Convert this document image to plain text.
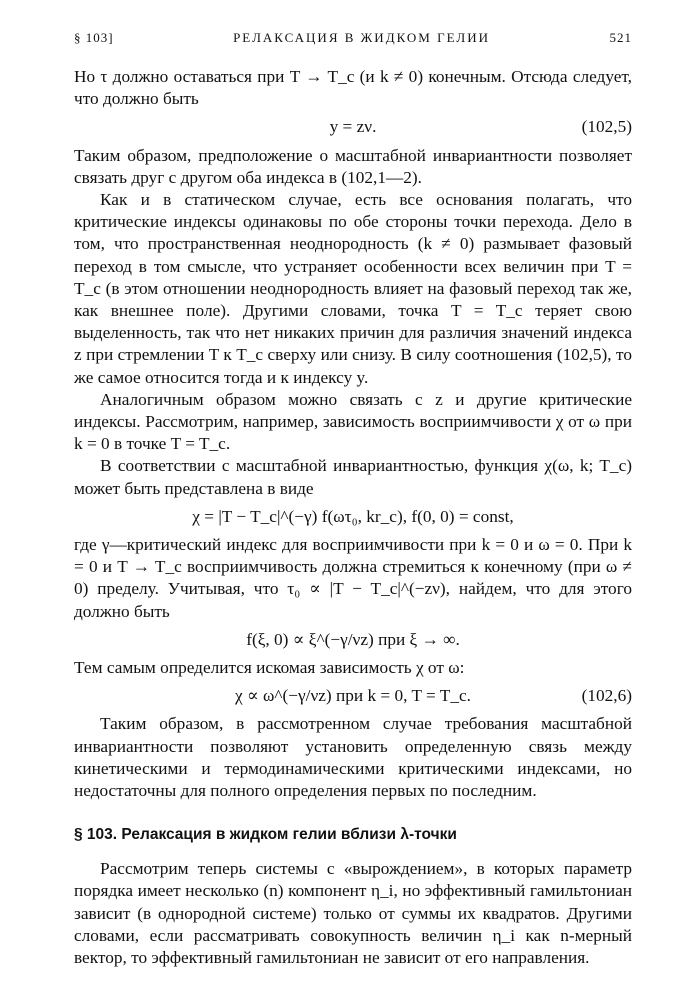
§ 103]	РЕЛАКСАЦИЯ В ЖИДКОМ ГЕЛИИ	521

Но τ должно оставаться при T → T_c (и k ≠ 0) конечным. Отсюда следует, что должно быть

y = zν.	(102,5)

Таким образом, предположение о масштабной инвариантности позволяет связать друг с другом оба индекса в (102,1—2).

Как и в статическом случае, есть все основания полагать, что критические индексы одинаковы по обе стороны точки перехода. Дело в том, что пространственная неоднородность (k ≠ 0) размывает фазовый переход в том смысле, что устраняет особенности всех величин при T = T_c (в этом отношении неоднородность влияет на фазовый переход так же, как внешнее поле). Другими словами, точка T = T_c теряет свою выделенность, так что нет никаких причин для различия значений индекса z при стремлении T к T_c сверху или снизу. В силу соотношения (102,5), то же самое относится тогда и к индексу y.

Аналогичным образом можно связать с z и другие критические индексы. Рассмотрим, например, зависимость восприимчивости χ от ω при k = 0 в точке T = T_c.

В соответствии с масштабной инвариантностью, функция χ(ω, k; T_c) может быть представлена в виде

χ = |T − T_c|^(−γ) f(ωτ₀, kr_c), f(0, 0) = const,

где γ—критический индекс для восприимчивости при k = 0 и ω = 0. При k = 0 и T → T_c восприимчивость должна стремиться к конечному (при ω ≠ 0) пределу. Учитывая, что τ₀ ∝ |T − T_c|^(−zν), найдем, что для этого должно быть

f(ξ, 0) ∝ ξ^(−γ/νz) при ξ → ∞.

Тем самым определится искомая зависимость χ от ω:

χ ∝ ω^(−γ/νz) при k = 0, T = T_c.	(102,6)

Таким образом, в рассмотренном случае требования масштабной инвариантности позволяют установить определенную связь между кинетическими и термодинамическими критическими индексами, но недостаточны для полного определения первых по последним.

§ 103. Релаксация в жидком гелии вблизи λ-точки

Рассмотрим теперь системы с «вырождением», в которых параметр порядка имеет несколько (n) компонент η_i, но эффективный гамильтониан зависит (в однородной системе) только от суммы их квадратов. Другими словами, если рассматривать совокупность величин η_i как n-мерный вектор, то эффективный гамильтониан не зависит от его направления.
